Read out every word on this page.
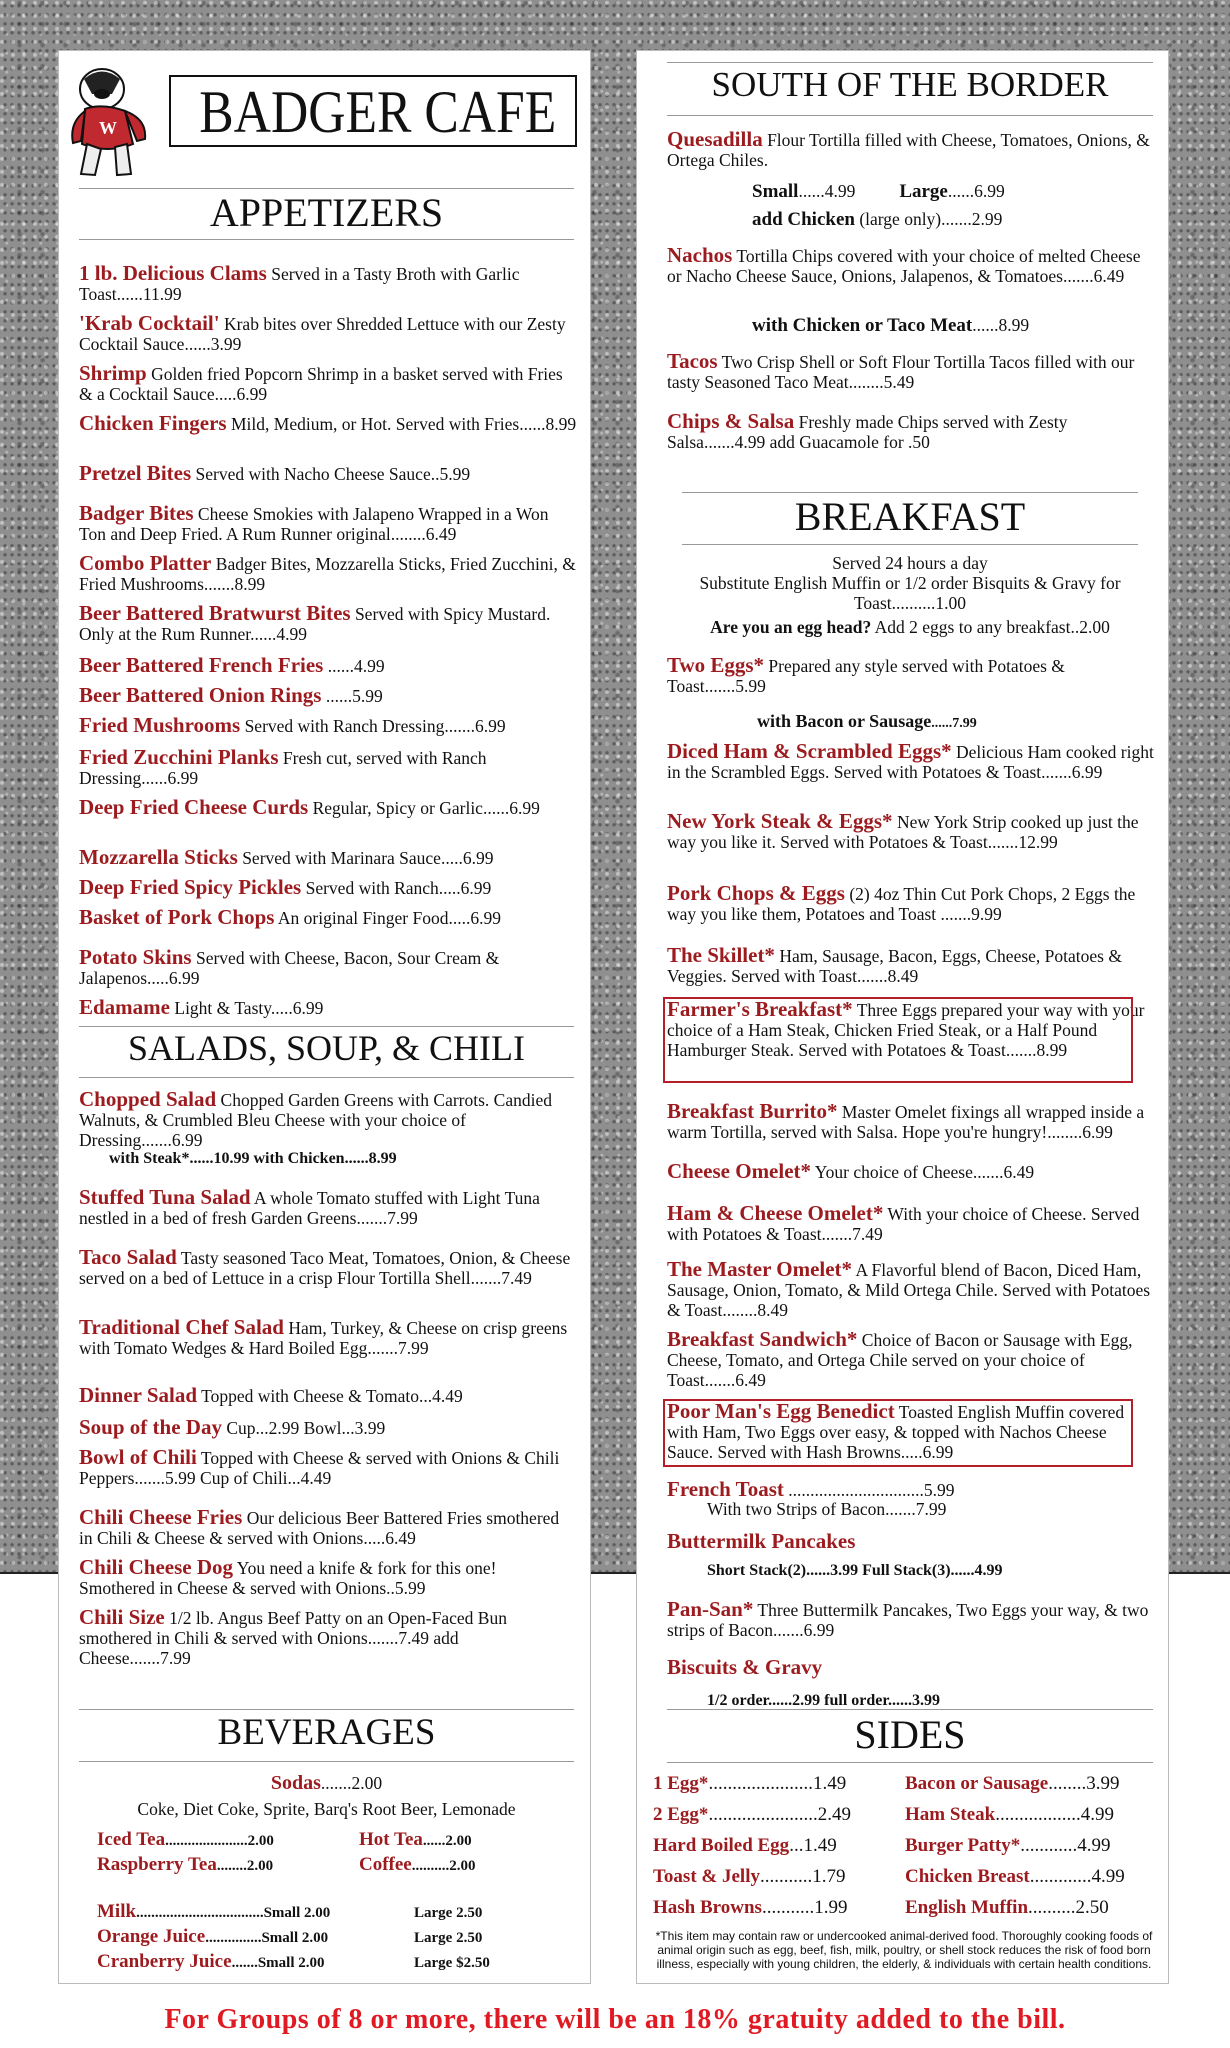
W BADGER CAFE
APPETIZERS
1 lb. Delicious Clams Served in a Tasty Broth with Garlic Toast......11.99
'Krab Cocktail' Krab bites over Shredded Lettuce with our Zesty Cocktail Sauce......3.99
Shrimp Golden fried Popcorn Shrimp in a basket served with Fries & a Cocktail Sauce.....6.99
Chicken Fingers Mild, Medium, or Hot. Served with Fries......8.99
Pretzel Bites Served with Nacho Cheese Sauce..5.99
Badger Bites Cheese Smokies with Jalapeno Wrapped in a Won Ton and Deep Fried. A Rum Runner original........6.49
Combo Platter Badger Bites, Mozzarella Sticks, Fried Zucchini, & Fried Mushrooms.......8.99
Beer Battered Bratwurst Bites Served with Spicy Mustard. Only at the Rum Runner......4.99
Beer Battered French Fries ......4.99
Beer Battered Onion Rings ......5.99
Fried Mushrooms Served with Ranch Dressing.......6.99
Fried Zucchini Planks Fresh cut, served with Ranch Dressing......6.99
Deep Fried Cheese Curds Regular, Spicy or Garlic......6.99
Mozzarella Sticks Served with Marinara Sauce.....6.99
Deep Fried Spicy Pickles Served with Ranch.....6.99
Basket of Pork Chops An original Finger Food.....6.99
Potato Skins Served with Cheese, Bacon, Sour Cream & Jalapenos.....6.99
Edamame Light & Tasty.....6.99
SALADS, SOUP, & CHILI
Chopped Salad Chopped Garden Greens with Carrots. Candied Walnuts, & Crumbled Bleu Cheese with your choice of Dressing.......6.99
Stuffed Tuna Salad A whole Tomato stuffed with Light Tuna nestled in a bed of fresh Garden Greens.......7.99
Taco Salad Tasty seasoned Taco Meat, Tomatoes, Onion, & Cheese served on a bed of Lettuce in a crisp Flour Tortilla Shell.......7.49
Traditional Chef Salad Ham, Turkey, & Cheese on crisp greens with Tomato Wedges & Hard Boiled Egg.......7.99
Dinner Salad Topped with Cheese & Tomato...4.49
Soup of the Day Cup...2.99 Bowl...3.99
Bowl of Chili Topped with Cheese & served with Onions & Chili Peppers.......5.99 Cup of Chili...4.49
Chili Cheese Fries Our delicious Beer Battered Fries smothered in Chili & Cheese & served with Onions.....6.49
Chili Cheese Dog You need a knife & fork for this one! Smothered in Cheese & served with Onions..5.99
Chili Size 1/2 lb. Angus Beef Patty on an Open-Faced Bun smothered in Chili & served with Onions.......7.49 add Cheese.......7.99
with Steak*......10.99 with Chicken......8.99
BEVERAGES
Sodas.......2.00
Coke, Diet Coke, Sprite, Barq's Root Beer, Lemonade
Iced Tea......................2.00	Hot Tea......2.00
Raspberry Tea........2.00	Coffee..........2.00
Milk..................................Small 2.00	Large 2.50
Orange Juice...............Small 2.00	Large 2.50
Cranberry Juice.......Small 2.00	Large $2.50
SOUTH OF THE BORDER
Quesadilla Flour Tortilla filled with Cheese, Tomatoes, Onions, & Ortega Chiles.
Small......4.99 Large......6.99
add Chicken (large only).......2.99
Nachos Tortilla Chips covered with your choice of melted Cheese or Nacho Cheese Sauce, Onions, Jalapenos, & Tomatoes.......6.49
with Chicken or Taco Meat......8.99
Tacos Two Crisp Shell or Soft Flour Tortilla Tacos filled with our tasty Seasoned Taco Meat........5.49
Chips & Salsa Freshly made Chips served with Zesty Salsa.......4.99 add Guacamole for .50
BREAKFAST
Served 24 hours a day
Substitute English Muffin or 1/2 order Bisquits & Gravy for Toast..........1.00
Are you an egg head? Add 2 eggs to any breakfast..2.00
Two Eggs* Prepared any style served with Potatoes & Toast.......5.99
Diced Ham & Scrambled Eggs* Delicious Ham cooked right in the Scrambled Eggs. Served with Potatoes & Toast.......6.99
New York Steak & Eggs* New York Strip cooked up just the way you like it. Served with Potatoes & Toast.......12.99
Pork Chops & Eggs (2) 4oz Thin Cut Pork Chops, 2 Eggs the way you like them, Potatoes and Toast .......9.99
The Skillet* Ham, Sausage, Bacon, Eggs, Cheese, Potatoes & Veggies. Served with Toast.......8.49
Farmer's Breakfast* Three Eggs prepared your way with your choice of a Ham Steak, Chicken Fried Steak, or a Half Pound Hamburger Steak. Served with Potatoes & Toast.......8.99
Breakfast Burrito* Master Omelet fixings all wrapped inside a warm Tortilla, served with Salsa. Hope you're hungry!........6.99
Cheese Omelet* Your choice of Cheese.......6.49
Ham & Cheese Omelet* With your choice of Cheese. Served with Potatoes & Toast.......7.49
The Master Omelet* A Flavorful blend of Bacon, Diced Ham, Sausage, Onion, Tomato, & Mild Ortega Chile. Served with Potatoes & Toast........8.49
Breakfast Sandwich* Choice of Bacon or Sausage with Egg, Cheese, Tomato, and Ortega Chile served on your choice of Toast.......6.49
Poor Man's Egg Benedict Toasted English Muffin covered with Ham, Two Eggs over easy, & topped with Nachos Cheese Sauce. Served with Hash Browns.....6.99
French Toast ...............................5.99
Buttermilk Pancakes
Pan-San* Three Buttermilk Pancakes, Two Eggs your way, & two strips of Bacon.......6.99
Biscuits & Gravy
with Bacon or Sausage......7.99
With two Strips of Bacon.......7.99
Short Stack(2)......3.99 Full Stack(3)......4.99
1/2 order......2.99 full order......3.99
SIDES
1 Egg*......................1.49	Bacon or Sausage........3.99
2 Egg*.......................2.49	Ham Steak..................4.99
Hard Boiled Egg...1.49	Burger Patty*............4.99
Toast & Jelly...........1.79	Chicken Breast.............4.99
Hash Browns...........1.99	English Muffin..........2.50
*This item may contain raw or undercooked animal-derived food. Thoroughly cooking foods of animal origin such as egg, beef, fish, milk, poultry, or shell stock reduces the risk of food born illness, especially with young children, the elderly, & individuals with certain health conditions.
For Groups of 8 or more, there will be an 18% gratuity added to the bill.
